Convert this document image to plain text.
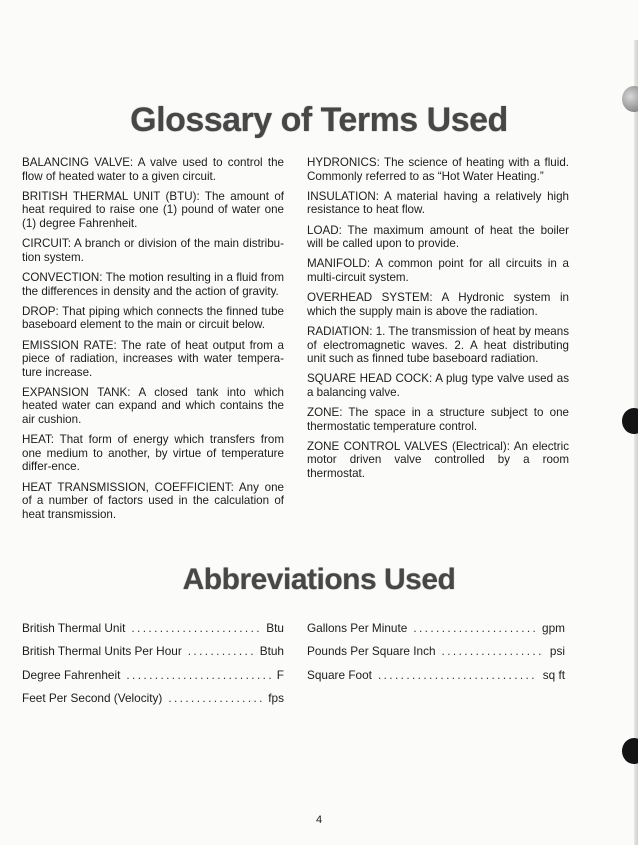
Glossary of Terms Used

BALANCING VALVE: A valve used to control the flow of heated water to a given circuit.

BRITISH THERMAL UNIT (BTU): The amount of heat required to raise one (1) pound of water one (1) degree Fahrenheit.

CIRCUIT: A branch or division of the main distribu-tion system.

CONVECTION: The motion resulting in a fluid from the differences in density and the action of gravity.

DROP: That piping which connects the finned tube baseboard element to the main or circuit below.

EMISSION RATE: The rate of heat output from a piece of radiation, increases with water tempera-ture increase.

EXPANSION TANK: A closed tank into which heated water can expand and which contains the air cushion.

HEAT: That form of energy which transfers from one medium to another, by virtue of temperature differ-ence.

HEAT TRANSMISSION, COEFFICIENT: Any one of a number of factors used in the calculation of heat transmission.

HYDRONICS: The science of heating with a fluid. Commonly referred to as “Hot Water Heating.”

INSULATION: A material having a relatively high resistance to heat flow.

LOAD: The maximum amount of heat the boiler will be called upon to provide.

MANIFOLD: A common point for all circuits in a multi-circuit system.

OVERHEAD SYSTEM: A Hydronic system in which the supply main is above the radiation.

RADIATION: 1. The transmission of heat by means of electromagnetic waves. 2. A heat distributing unit such as finned tube baseboard radiation.

SQUARE HEAD COCK: A plug type valve used as a balancing valve.

ZONE: The space in a structure subject to one thermostatic temperature control.

ZONE CONTROL VALVES (Electrical): An electric motor driven valve controlled by a room thermostat.

Abbreviations Used
British Thermal Unit .....	Btu
British Thermal Units Per Hour .....	Btuh
Degree Fahrenheit .....	F
Feet Per Second (Velocity) .....	fps
Gallons Per Minute .....	gpm
Pounds Per Square Inch .....	psi
Square Foot .....	sq ft
4
